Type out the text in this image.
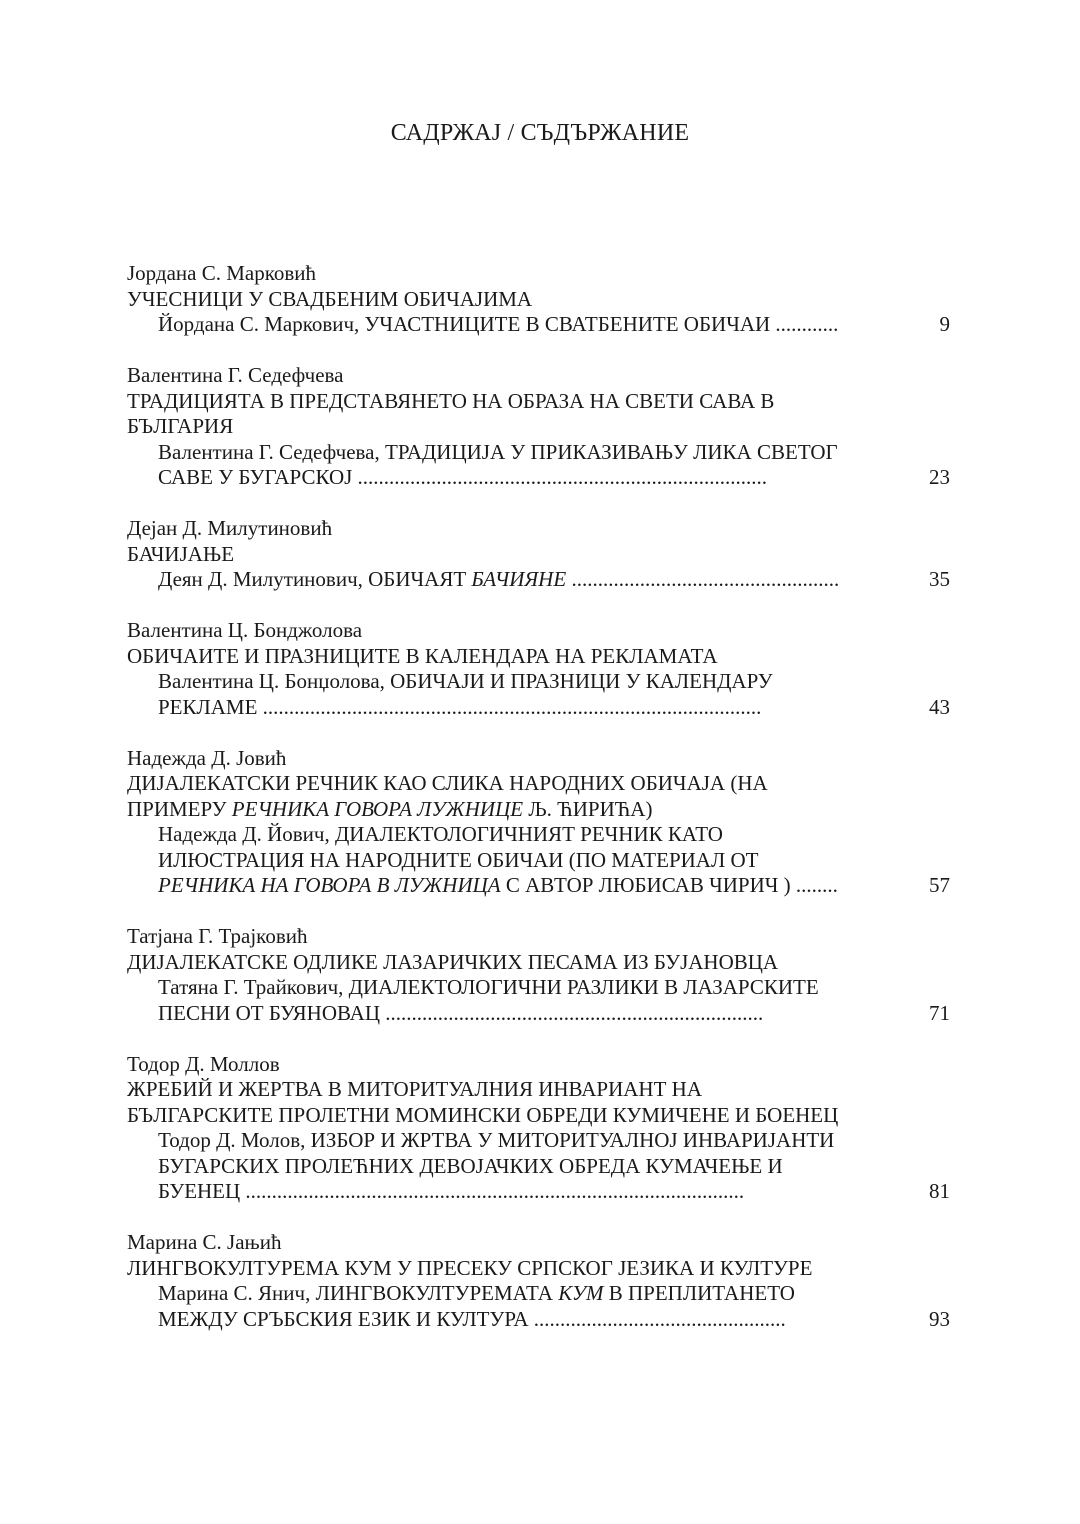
САДРЖАЈ / СЪДЪРЖАНИЕ
Јордана С. Марковић
УЧЕСНИЦИ У СВАДБЕНИМ ОБИЧАЈИМА
Йордана С. Маркович, УЧАСТНИЦИТЕ В СВАТБЕНИТЕ ОБИЧАИ ............	9
Валентина Г. Седефчева
ТРАДИЦИЯТА В ПРЕДСТАВЯНЕТО НА ОБРАЗА НА СВЕТИ САВА В
БЪЛГАРИЯ
Валентина Г. Седефчева, ТРАДИЦИЈА У ПРИКАЗИВАЊУ ЛИКА СВЕТОГ
САВЕ У БУГАРСКОЈ ..............................................................................	23
Дејан Д. Милутиновић
БАЧИЈАЊЕ
Деян Д. Милутинович, ОБИЧАЯТ БАЧИЯНЕ ...................................................	35
Валентина Ц. Бонджолова
ОБИЧАИТЕ И ПРАЗНИЦИТЕ В КАЛЕНДАРА НА РЕКЛАМАТА
Валентина Ц. Бонџолова, ОБИЧАЈИ И ПРАЗНИЦИ У КАЛЕНДАРУ
РЕКЛАМЕ ...............................................................................................	43
Надежда Д. Јовић
ДИЈАЛЕКАТСКИ РЕЧНИК КАО СЛИКА НАРОДНИХ ОБИЧАЈА (НА
ПРИМЕРУ РЕЧНИКА ГОВОРА ЛУЖНИЦЕ Љ. ЋИРИЋА)
Надежда Д. Йович, ДИАЛЕКТОЛОГИЧНИЯТ РЕЧНИК КАТО
ИЛЮСТРАЦИЯ НА НАРОДНИТЕ ОБИЧАИ (ПО МАТЕРИАЛ ОТ
РЕЧНИКА НА ГОВОРА В ЛУЖНИЦА С АВТОР ЛЮБИСАВ ЧИРИЧ ) ........	57
Татјана Г. Трајковић
ДИЈАЛЕКАТСКЕ ОДЛИКЕ ЛАЗАРИЧКИХ ПЕСАМА ИЗ БУЈАНОВЦА
Татяна Г. Трайкович, ДИАЛЕКТОЛОГИЧНИ РАЗЛИКИ В ЛАЗАРСКИТЕ
ПЕСНИ ОТ БУЯНОВАЦ ........................................................................	71
Тодор Д. Моллов
ЖРЕБИЙ И ЖЕРТВА В МИТОРИТУАЛНИЯ ИНВАРИАНТ НА
БЪЛГАРСКИТЕ ПРОЛЕТНИ МОМИНСКИ ОБРЕДИ КУМИЧЕНЕ И БОЕНЕЦ
Тодор Д. Молов, ИЗБОР И ЖРТВА У МИТОРИТУАЛНОЈ ИНВАРИЈАНТИ
БУГАРСКИХ ПРОЛЕЋНИХ ДЕВОЈАЧКИХ ОБРЕДА КУМАЧЕЊЕ И
БУЕНЕЦ ...............................................................................................	81
Марина С. Јањић
ЛИНГВОКУЛТУРЕМА КУМ У ПРЕСЕКУ СРПСКОГ ЈЕЗИКА И КУЛТУРЕ
Марина С. Янич, ЛИНГВОКУЛТУРЕМАТА КУМ В ПРЕПЛИТАНЕТО
МЕЖДУ СРЪБСКИЯ ЕЗИК И КУЛТУРА ................................................	93
